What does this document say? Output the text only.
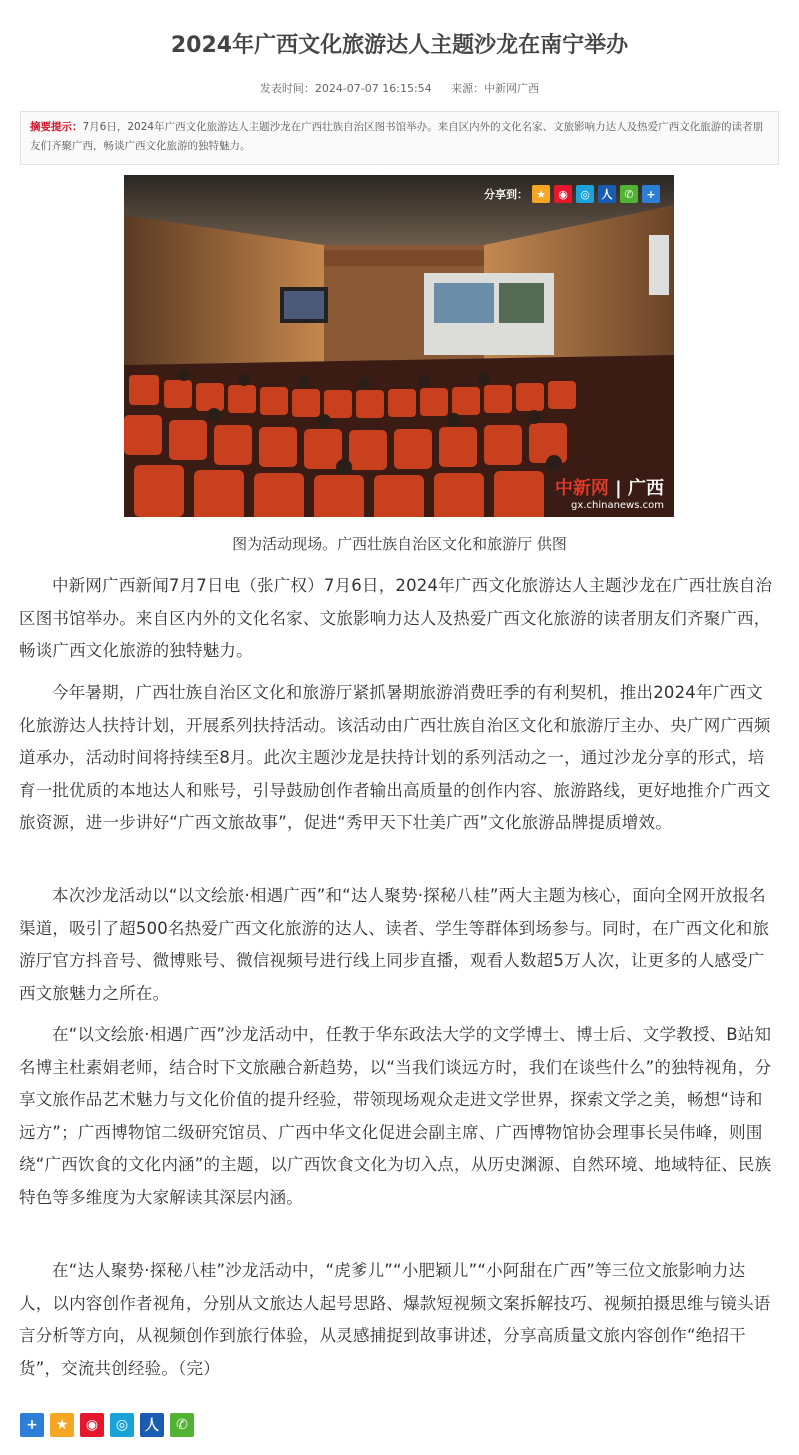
2024年广西文化旅游达人主题沙龙在南宁举办
发表时间：2024-07-07 16:15:54 来源：中新网广西
摘要提示：7月6日，2024年广西文化旅游达人主题沙龙在广西壮族自治区图书馆举办。来自区内外的文化名家、文旅影响力达人及热爱广西文化旅游的读者朋友们齐聚广西，畅谈广西文化旅游的独特魅力。
分享到： ★	◉	◎	人	✆	+
中新网 | 广西
gx.chinanews.com
图为活动现场。广西壮族自治区文化和旅游厅 供图

中新网广西新闻7月7日电（张广权）7月6日，2024年广西文化旅游达人主题沙龙在广西壮族自治区图书馆举办。来自区内外的文化名家、文旅影响力达人及热爱广西文化旅游的读者朋友们齐聚广西，畅谈广西文化旅游的独特魅力。

今年暑期，广西壮族自治区文化和旅游厅紧抓暑期旅游消费旺季的有利契机，推出2024年广西文化旅游达人扶持计划，开展系列扶持活动。该活动由广西壮族自治区文化和旅游厅主办、央广网广西频道承办，活动时间将持续至8月。此次主题沙龙是扶持计划的系列活动之一，通过沙龙分享的形式，培育一批优质的本地达人和账号，引导鼓励创作者输出高质量的创作内容、旅游路线，更好地推介广西文旅资源，进一步讲好“广西文旅故事”，促进“秀甲天下壮美广西”文化旅游品牌提质增效。

本次沙龙活动以“以文绘旅·相遇广西”和“达人聚势·探秘八桂”两大主题为核心，面向全网开放报名渠道，吸引了超500名热爱广西文化旅游的达人、读者、学生等群体到场参与。同时，在广西文化和旅游厅官方抖音号、微博账号、微信视频号进行线上同步直播，观看人数超5万人次，让更多的人感受广西文旅魅力之所在。

在“以文绘旅·相遇广西”沙龙活动中，任教于华东政法大学的文学博士、博士后、文学教授、B站知名博主杜素娟老师，结合时下文旅融合新趋势，以“当我们谈远方时，我们在谈些什么”的独特视角，分享文旅作品艺术魅力与文化价值的提升经验，带领现场观众走进文学世界，探索文学之美，畅想“诗和远方”；广西博物馆二级研究馆员、广西中华文化促进会副主席、广西博物馆协会理事长吴伟峰，则围绕“广西饮食的文化内涵”的主题，以广西饮食文化为切入点，从历史渊源、自然环境、地域特征、民族特色等多维度为大家解读其深层内涵。

在“达人聚势·探秘八桂”沙龙活动中，“虎爹儿”“小肥颖儿”“小阿甜在广西”等三位文旅影响力达人，以内容创作者视角，分别从文旅达人起号思路、爆款短视频文案拆解技巧、视频拍摄思维与镜头语言分析等方向，从视频创作到旅行体验，从灵感捕捉到故事讲述，分享高质量文旅内容创作“绝招干货”，交流共创经验。（完）

+	★	◉	◎	人	✆
